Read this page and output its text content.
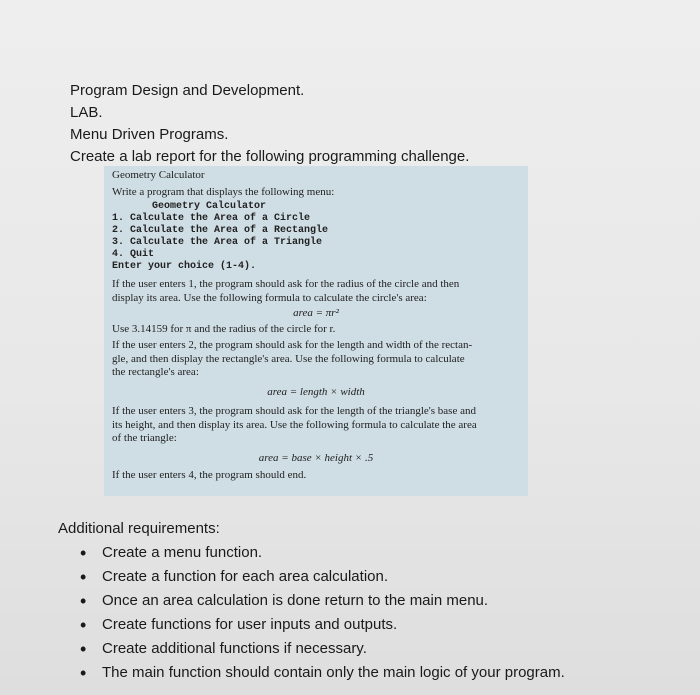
Program Design and Development.
LAB.
Menu Driven Programs.
Create a lab report for the following programming challenge.
Geometry Calculator
Write a program that displays the following menu:
Geometry Calculator
1. Calculate the Area of a Circle
2. Calculate the Area of a Rectangle
3. Calculate the Area of a Triangle
4. Quit
Enter your choice (1-4).
If the user enters 1, the program should ask for the radius of the circle and then
display its area. Use the following formula to calculate the circle's area:
area = πr²
Use 3.14159 for π and the radius of the circle for r.
If the user enters 2, the program should ask for the length and width of the rectan-
gle, and then display the rectangle's area. Use the following formula to calculate
the rectangle's area:
area = length × width
If the user enters 3, the program should ask for the length of the triangle's base and
its height, and then display its area. Use the following formula to calculate the area
of the triangle:
area = base × height × .5
If the user enters 4, the program should end.
Additional requirements:
• Create a menu function.
• Create a function for each area calculation.
• Once an area calculation is done return to the main menu.
• Create functions for user inputs and outputs.
• Create additional functions if necessary.
• The main function should contain only the main logic of your program.
